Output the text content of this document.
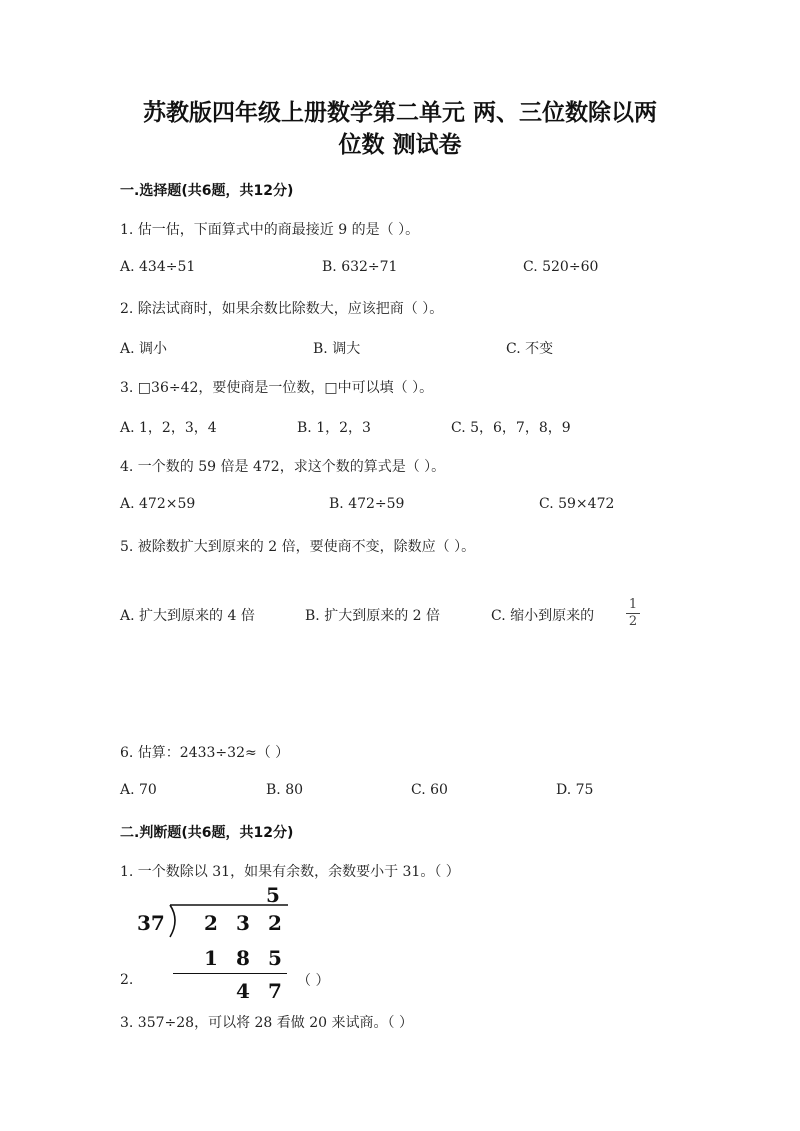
苏教版四年级上册数学第二单元 两、三位数除以两
位数 测试卷
一.选择题(共6题，共12分)
1. 估一估，下面算式中的商最接近 9 的是（ ）。
A. 434÷51	B. 632÷71	C. 520÷60
2. 除法试商时，如果余数比除数大，应该把商（ ）。
A. 调小	B. 调大	C. 不变
3. □36÷42，要使商是一位数，□中可以填（ ）。
A. 1，2，3，4	B. 1，2，3	C. 5，6，7，8，9
4. 一个数的 59 倍是 472，求这个数的算式是（ ）。
A. 472×59	B. 472÷59	C. 59×472
5. 被除数扩大到原来的 2 倍，要使商不变，除数应（ ）。
A. 扩大到原来的 4 倍	B. 扩大到原来的 2 倍	C. 缩小到原来的
1
2
6. 估算：2433÷32≈（ ）
A. 70	B. 80	C. 60	D. 75
二.判断题(共6题，共12分)
1. 一个数除以 31，如果有余数，余数要小于 31。（ ）
5
37 2 3 2
1 8 5
4 7
2.	（ ）
3. 357÷28，可以将 28 看做 20 来试商。（ ）
